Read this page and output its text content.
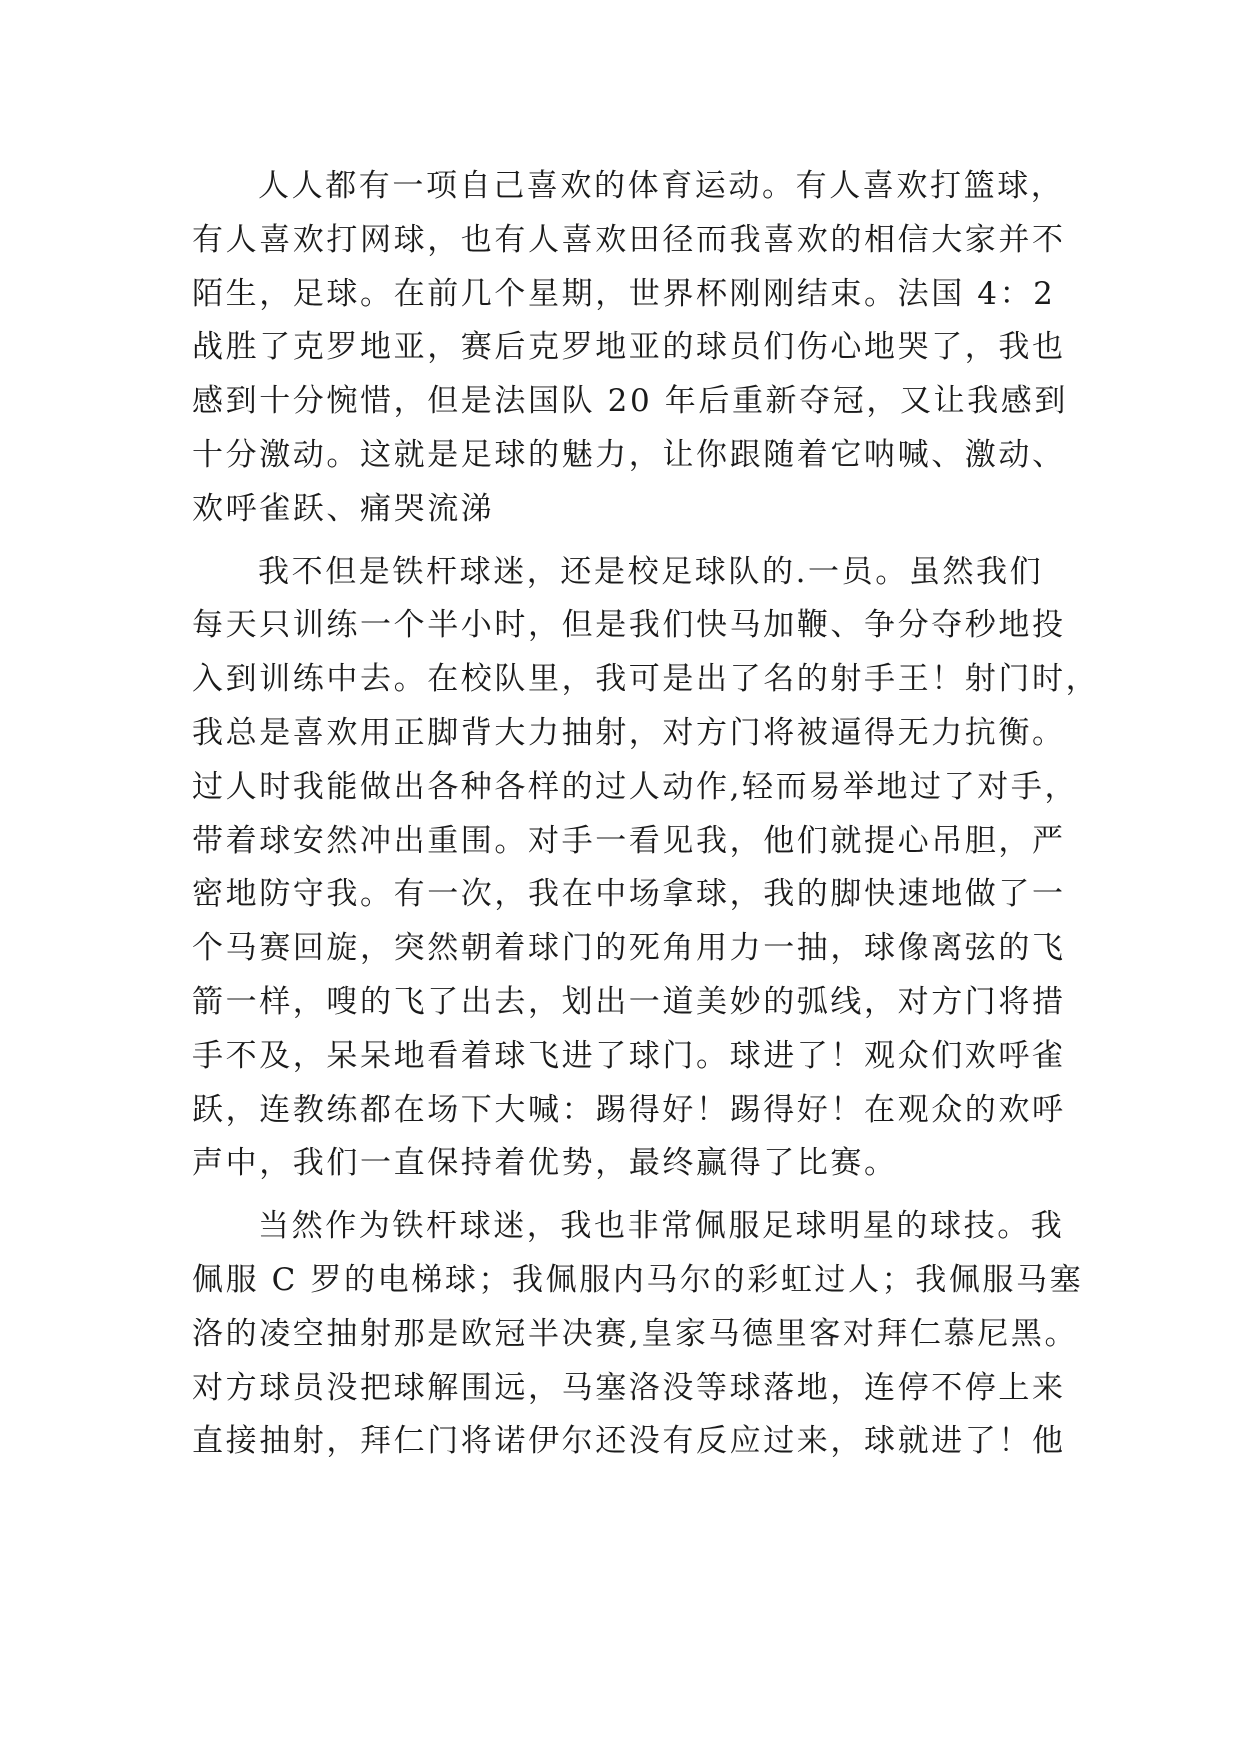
人人都有一项自己喜欢的体育运动。有人喜欢打篮球，
有人喜欢打网球，也有人喜欢田径而我喜欢的相信大家并不
陌生，足球。在前几个星期，世界杯刚刚结束。法国 4：2
战胜了克罗地亚，赛后克罗地亚的球员们伤心地哭了，我也
感到十分惋惜，但是法国队 20 年后重新夺冠，又让我感到
十分激动。这就是足球的魅力，让你跟随着它呐喊、激动、
欢呼雀跃、痛哭流涕
我不但是铁杆球迷，还是校足球队的.一员。虽然我们
每天只训练一个半小时，但是我们快马加鞭、争分夺秒地投
入到训练中去。在校队里，我可是出了名的射手王！射门时，
我总是喜欢用正脚背大力抽射，对方门将被逼得无力抗衡。
过人时我能做出各种各样的过人动作,轻而易举地过了对手，
带着球安然冲出重围。对手一看见我，他们就提心吊胆，严
密地防守我。有一次，我在中场拿球，我的脚快速地做了一
个马赛回旋，突然朝着球门的死角用力一抽，球像离弦的飞
箭一样，嗖的飞了出去，划出一道美妙的弧线，对方门将措
手不及，呆呆地看着球飞进了球门。球进了！观众们欢呼雀
跃，连教练都在场下大喊：踢得好！踢得好！在观众的欢呼
声中，我们一直保持着优势，最终赢得了比赛。
当然作为铁杆球迷，我也非常佩服足球明星的球技。我
佩服 C 罗的电梯球；我佩服内马尔的彩虹过人；我佩服马塞
洛的凌空抽射那是欧冠半决赛,皇家马德里客对拜仁慕尼黑。
对方球员没把球解围远，马塞洛没等球落地，连停不停上来
直接抽射，拜仁门将诺伊尔还没有反应过来，球就进了！他
